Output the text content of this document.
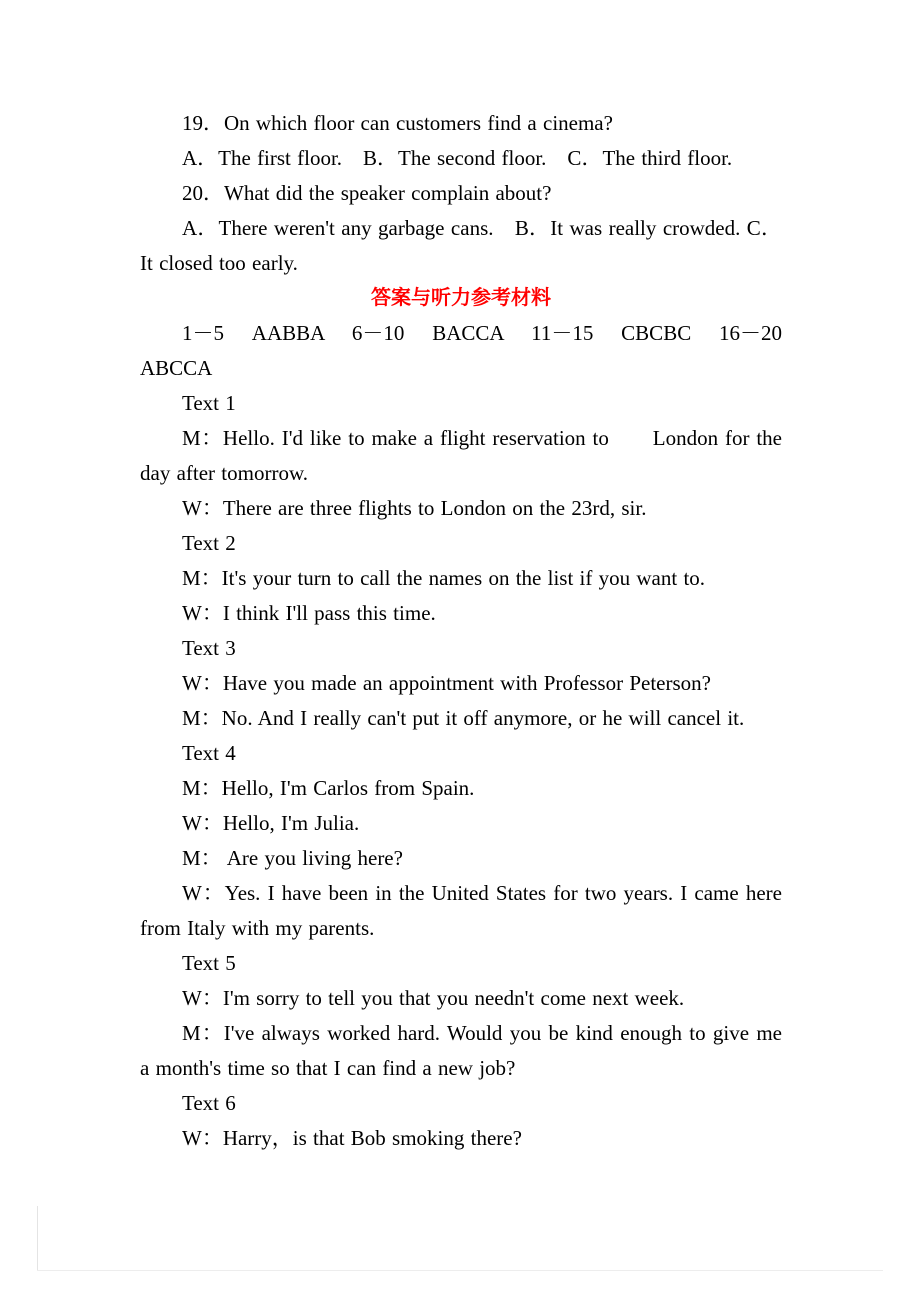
19．On which floor can customers find a cinema?

A．The first floor.　B．The second floor.　C．The third floor.

20．What did the speaker complain about?

A．There weren't any garbage cans.　B．It was really crowded. C．It closed too early.

答案与听力参考材料

1－5　AABBA　6－10　BACCA　11－15　CBCBC　16－20 ABCCA

Text 1

M：Hello. I'd like to make a flight reservation to　　London for the day after tomorrow.

W：There are three flights to London on the 23rd, sir.

Text 2

M：It's your turn to call the names on the list if you want to.

W：I think I'll pass this time.

Text 3

W：Have you made an appointment with Professor Peterson?

M：No. And I really can't put it off anymore, or he will cancel it.

Text 4

M：Hello, I'm Carlos from Spain.

W：Hello, I'm Julia.

M： Are you living here?

W：Yes. I have been in the United States for two years. I came here from Italy with my parents.

Text 5

W：I'm sorry to tell you that you needn't come next week.

M：I've always worked hard. Would you be kind enough to give me a month's time so that I can find a new job?

Text 6

W：Harry，is that Bob smoking there?
